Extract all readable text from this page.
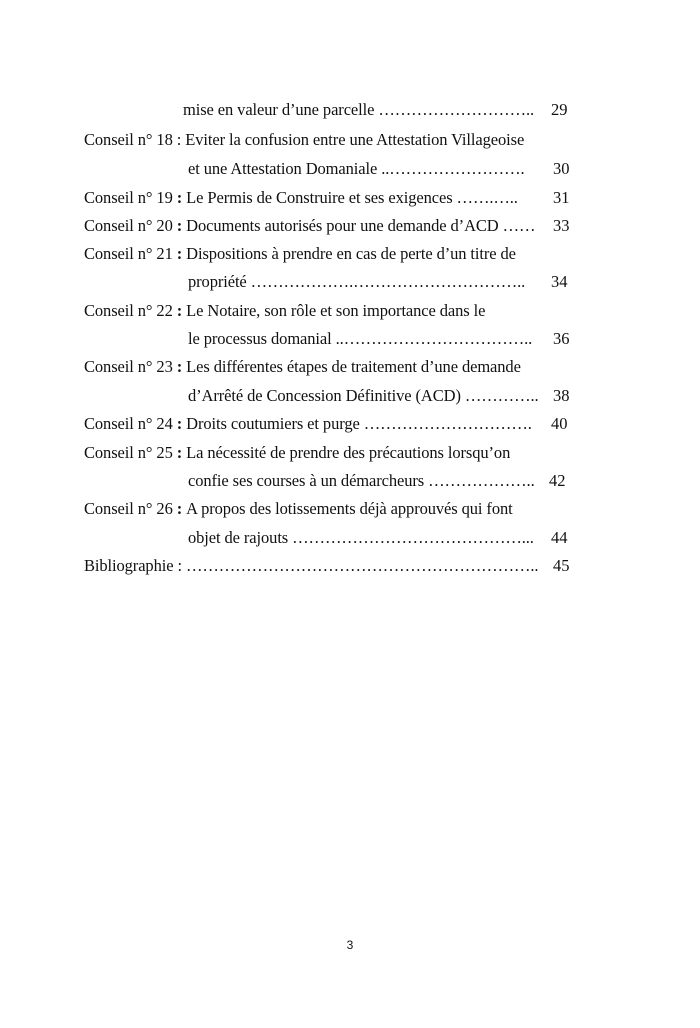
mise en valeur d’une parcelle ……………………….. 29
Conseil n° 18 : Eviter la confusion entre une Attestation Villageoise
et une Attestation Domaniale ..……………………. 30
Conseil n° 19 : Le Permis de Construire et ses exigences …….….. 31
Conseil n° 20 : Documents autorisés pour une demande d’ACD …… 33
Conseil n° 21 : Dispositions à prendre en cas de perte d’un titre de
propriété ……………….………………………….. 34
Conseil n° 22 : Le Notaire, son rôle et son importance dans le
le processus domanial ..…………………………….. 36
Conseil n° 23 : Les différentes étapes de traitement d’une demande
d’Arrêté de Concession Définitive (ACD) ………….. 38
Conseil n° 24 : Droits coutumiers et purge …………………………. 40
Conseil n° 25 : La nécessité de prendre des précautions lorsqu’on
confie ses courses à un démarcheurs ……………….. 42
Conseil n° 26 : A propos des lotissements déjà approuvés qui font
objet de rajouts ……………………………………... 44
Bibliographie : ……………………………………………………….. 45
3
